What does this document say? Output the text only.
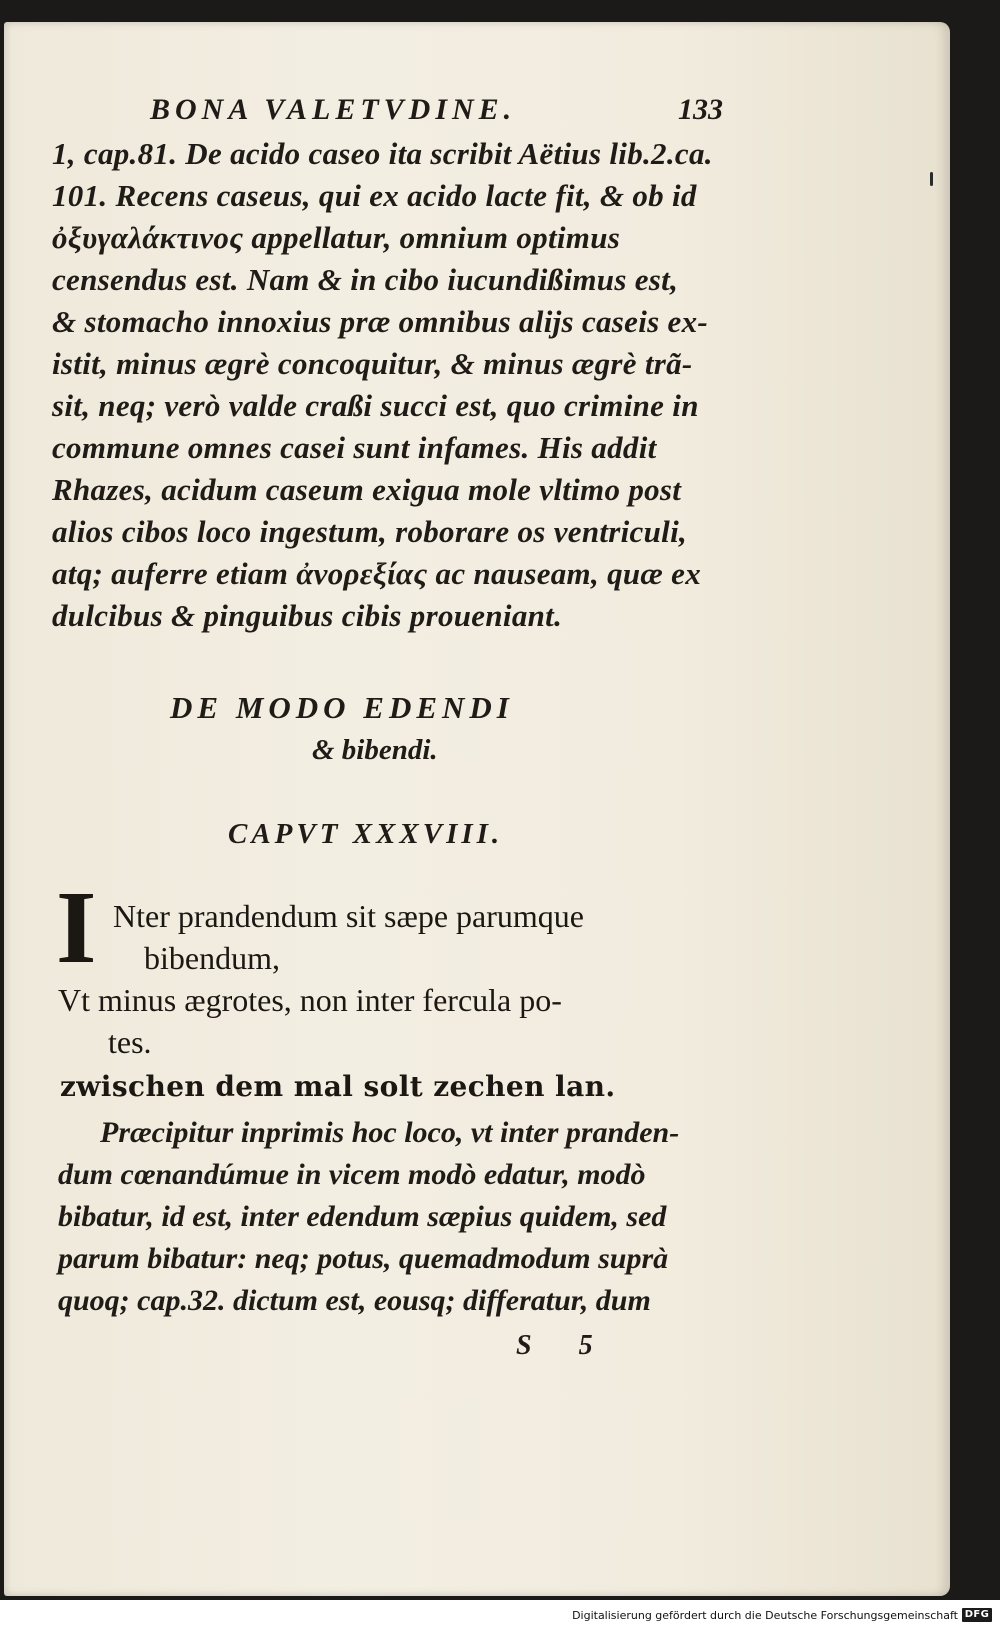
BONA VALETVDINE.	133
1, cap.81. De acido caseo ita scribit Aëtius lib.2.ca.
101. Recens caseus, qui ex acido lacte fit, & ob id
ὀξυγαλάκτινος appellatur, omnium optimus
censendus est. Nam & in cibo iucundißimus est,
& stomacho innoxius præ omnibus alijs caseis ex-
istit, minus ægrè concoquitur, & minus ægrè trã-
sit, neq; verò valde craßi succi est, quo crimine in
commune omnes casei sunt infames. His addit
Rhazes, acidum caseum exigua mole vltimo post
alios cibos loco ingestum, roborare os ventriculi,
atq; auferre etiam ἀνορεξίας ac nauseam, quæ ex
dulcibus & pinguibus cibis proueniant.
DE MODO EDENDI
& bibendi.
CAPVT XXXVIII.
I Nter prandendum sit sæpe parumque
bibendum,
Vt minus ægrotes, non inter fercula po-
tes.
zwischen dem mal solt zechen lan.
Præcipitur inprimis hoc loco, vt inter pranden-
dum cœnandúmue in vicem modò edatur, modò
bibatur, id est, inter edendum sæpius quidem, sed
parum bibatur: neq; potus, quemadmodum suprà
quoq; cap.32. dictum est, eousq; differatur, dum
S 5
Digitalisierung gefördert durch die Deutsche Forschungsgemeinschaft DFG
